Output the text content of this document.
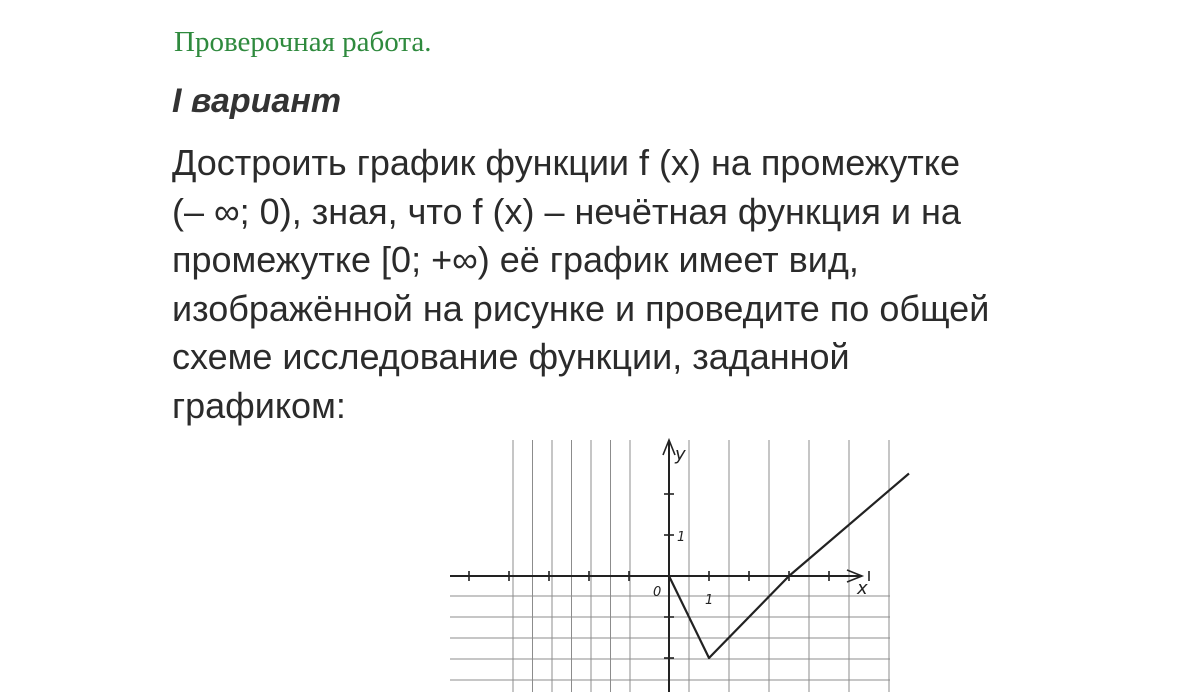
Проверочная работа.
I вариант
Достроить график функции f (x) на промежутке
(– ∞; 0), зная, что f (x) – нечётная функция и на
промежутке [0; +∞) её график имеет вид,
изображённой на рисунке и проведите по общей
схеме исследование функции, заданной
графиком:
x
y
0
1
1
